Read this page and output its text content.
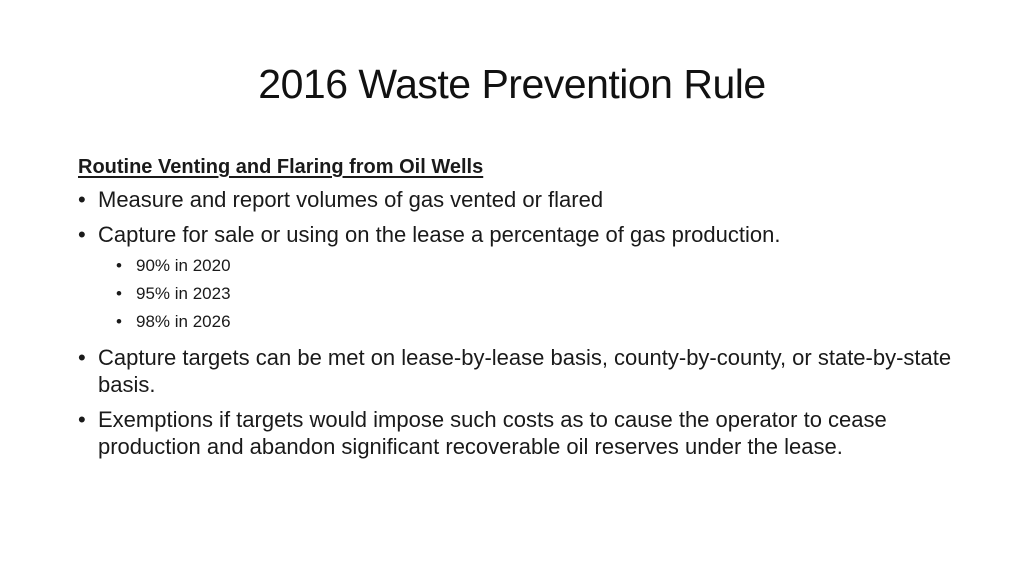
2016 Waste Prevention Rule
Routine Venting and Flaring from Oil Wells
• Measure and report volumes of gas vented or flared
• Capture for sale or using on the lease a percentage of gas production.
• 90% in 2020
• 95% in 2023
• 98% in 2026
• Capture targets can be met on lease-by-lease basis, county-by-county, or state-by-state basis.
• Exemptions if targets would impose such costs as to cause the operator to cease production and abandon significant recoverable oil reserves under the lease.
